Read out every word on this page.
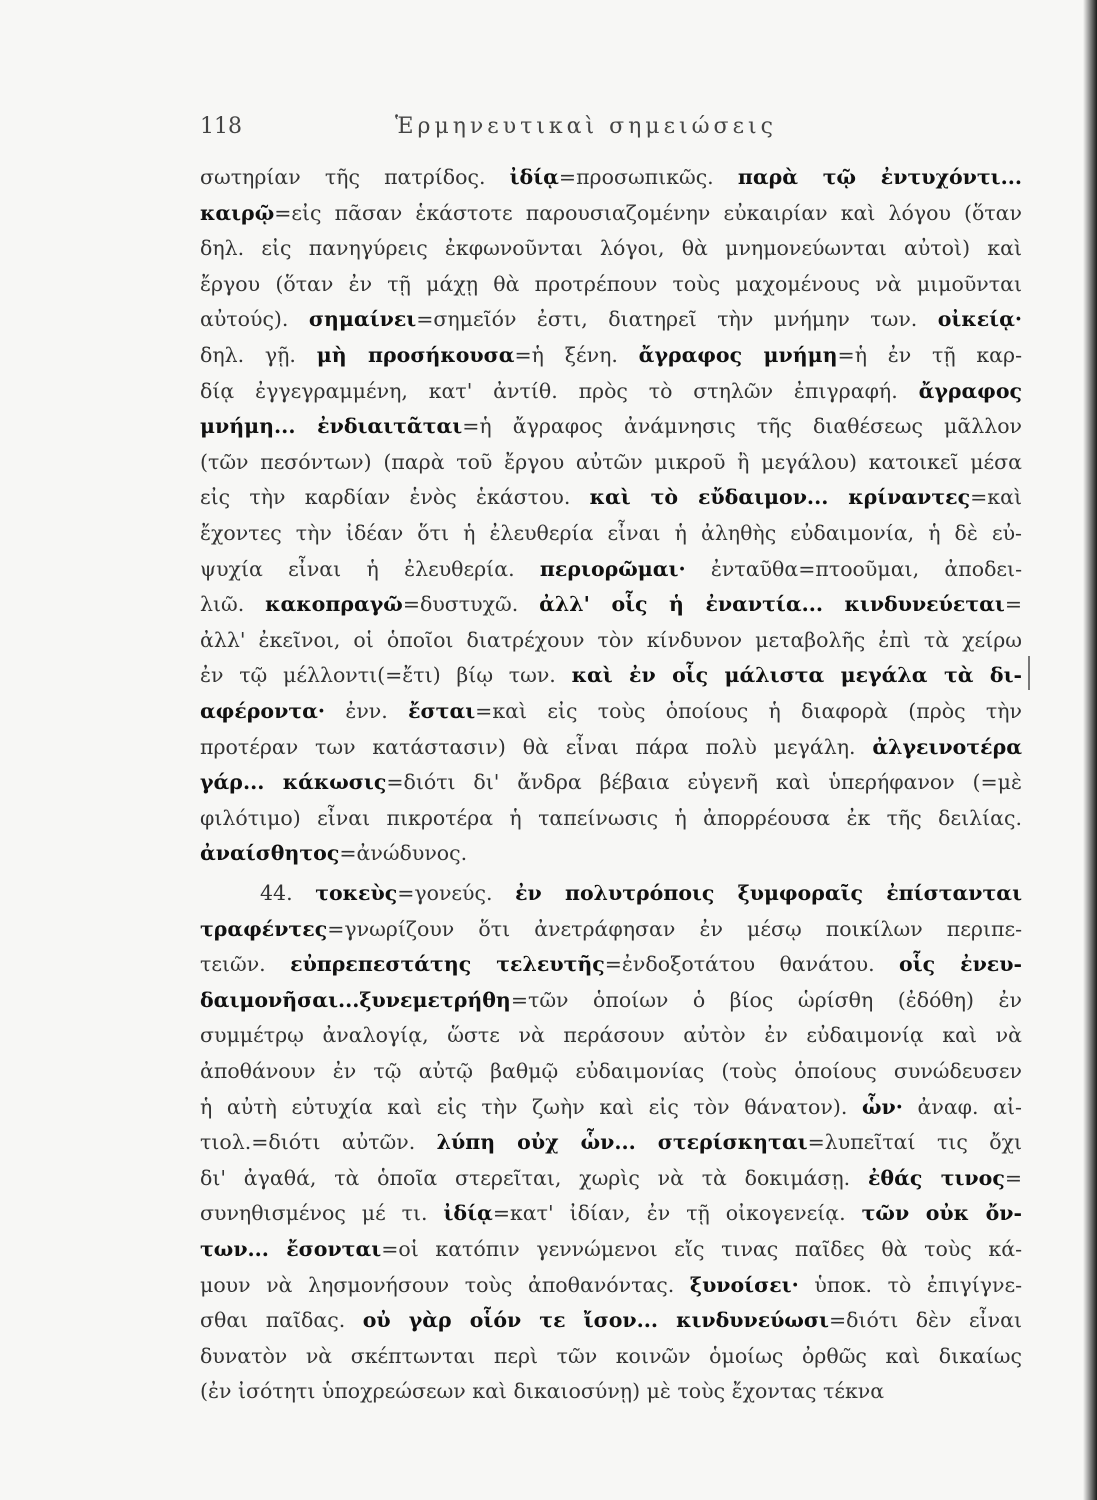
118	Ἑρμηνευτικαὶ σημειώσεις
σωτηρίαν τῆς πατρίδος. ἰδίᾳ=προσωπικῶς. παρὰ τῷ ἐντυχόντι...
καιρῷ=εἰς πᾶσαν ἑκάστοτε παρουσιαζομένην εὐκαιρίαν καὶ λόγου (ὅταν
δηλ. εἰς πανηγύρεις ἐκφωνοῦνται λόγοι, θὰ μνημονεύωνται αὐτοὶ) καὶ
ἔργου (ὅταν ἐν τῇ μάχῃ θὰ προτρέπουν τοὺς μαχομένους νὰ μιμοῦνται
αὐτούς). σημαίνει=σημεῖόν ἐστι, διατηρεῖ τὴν μνήμην των. οἰκείᾳ·
δηλ. γῇ. μὴ προσήκουσα=ἡ ξένη. ἄγραφος μνήμη=ἡ ἐν τῇ καρ-
δίᾳ ἐγγεγραμμένη, κατ' ἀντίθ. πρὸς τὸ στηλῶν ἐπιγραφή. ἄγραφος
μνήμη... ἐνδιαιτᾶται=ἡ ἄγραφος ἀνάμνησις τῆς διαθέσεως μᾶλλον
(τῶν πεσόντων) (παρὰ τοῦ ἔργου αὐτῶν μικροῦ ἢ μεγάλου) κατοικεῖ μέσα
εἰς τὴν καρδίαν ἑνὸς ἑκάστου. καὶ τὸ εὔδαιμον... κρίναντες=καὶ
ἔχοντες τὴν ἰδέαν ὅτι ἡ ἐλευθερία εἶναι ἡ ἀληθὴς εὐδαιμονία, ἡ δὲ εὐ-
ψυχία εἶναι ἡ ἐλευθερία. περιορῶμαι· ἐνταῦθα=πτοοῦμαι, ἀποδει-
λιῶ. κακοπραγῶ=δυστυχῶ. ἀλλ' οἷς ἡ ἐναντία... κινδυνεύεται=
ἀλλ' ἐκεῖνοι, οἱ ὁποῖοι διατρέχουν τὸν κίνδυνον μεταβολῆς ἐπὶ τὰ χείρω
ἐν τῷ μέλλοντι(=ἔτι) βίῳ των. καὶ ἐν οἷς μάλιστα μεγάλα τὰ δι-
αφέροντα· ἐνν. ἔσται=καὶ εἰς τοὺς ὁποίους ἡ διαφορὰ (πρὸς τὴν
προτέραν των κατάστασιν) θὰ εἶναι πάρα πολὺ μεγάλη. ἀλγεινοτέρα
γάρ... κάκωσις=διότι δι' ἄνδρα βέβαια εὐγενῆ καὶ ὑπερήφανον (=μὲ
φιλότιμο) εἶναι πικροτέρα ἡ ταπείνωσις ἡ ἀπορρέουσα ἐκ τῆς δειλίας.
ἀναίσθητος=ἀνώδυνος.
44. τοκεὺς=γονεύς. ἐν πολυτρόποις ξυμφοραῖς ἐπίστανται
τραφέντες=γνωρίζουν ὅτι ἀνετράφησαν ἐν μέσῳ ποικίλων περιπε-
τειῶν. εὐπρεπεστάτης τελευτῆς=ἐνδοξοτάτου θανάτου. οἷς ἐνευ-
δαιμονῆσαι...ξυνεμετρήθη=τῶν ὁποίων ὁ βίος ὡρίσθη (ἐδόθη) ἐν
συμμέτρῳ ἀναλογίᾳ, ὥστε νὰ περάσουν αὐτὸν ἐν εὐδαιμονίᾳ καὶ νὰ
ἀποθάνουν ἐν τῷ αὐτῷ βαθμῷ εὐδαιμονίας (τοὺς ὁποίους συνώδευσεν
ἡ αὐτὴ εὐτυχία καὶ εἰς τὴν ζωὴν καὶ εἰς τὸν θάνατον). ὧν· ἀναφ. αἰ-
τιολ.=διότι αὐτῶν. λύπη οὐχ ὧν... στερίσκηται=λυπεῖταί τις ὄχι
δι' ἀγαθά, τὰ ὁποῖα στερεῖται, χωρὶς νὰ τὰ δοκιμάσῃ. ἐθάς τινος=
συνηθισμένος μέ τι. ἰδίᾳ=κατ' ἰδίαν, ἐν τῇ οἰκογενείᾳ. τῶν οὐκ ὄν-
των... ἔσονται=οἱ κατόπιν γεννώμενοι εἴς τινας παῖδες θὰ τοὺς κά-
μουν νὰ λησμονήσουν τοὺς ἀποθανόντας. ξυνοίσει· ὑποκ. τὸ ἐπιγίγνε-
σθαι παῖδας. οὐ γὰρ οἷόν τε ἴσον... κινδυνεύωσι=διότι δὲν εἶναι
δυνατὸν νὰ σκέπτωνται περὶ τῶν κοινῶν ὁμοίως ὀρθῶς καὶ δικαίως
(ἐν ἰσότητι ὑποχρεώσεων καὶ δικαιοσύνῃ) μὲ τοὺς ἔχοντας τέκνα
